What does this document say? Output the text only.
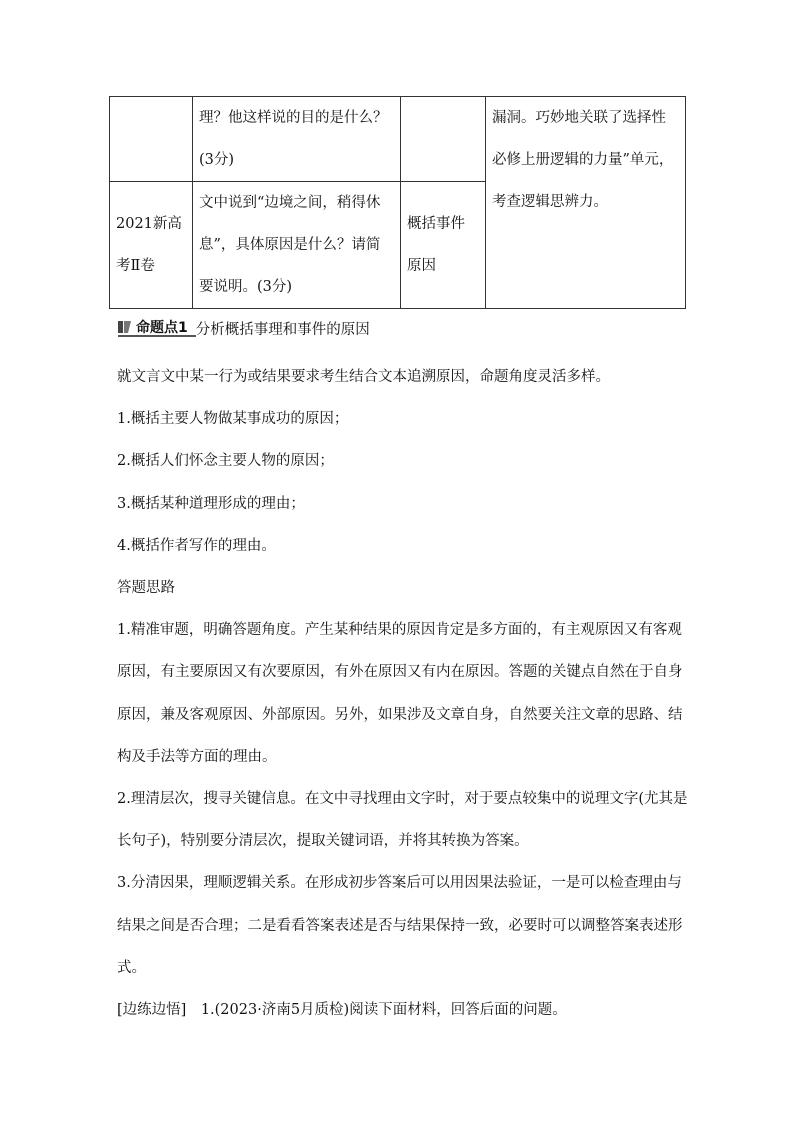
	理？他这样说的目的是什么？(3分)		漏洞。巧妙地关联了选择性必修上册逻辑的力量”单元，考查逻辑思辨力。
2021新高考Ⅱ卷	文中说到“边境之间，稍得休息”，具体原因是什么？请简要说明。(3分)	概括事件原因	
命题点1 分析概括事理和事件的原因

就文言文中某一行为或结果要求考生结合文本追溯原因，命题角度灵活多样。

1.概括主要人物做某事成功的原因；

2.概括人们怀念主要人物的原因；

3.概括某种道理形成的理由；

4.概括作者写作的理由。

答题思路

1.精准审题，明确答题角度。产生某种结果的原因肯定是多方面的，有主观原因又有客观原因，有主要原因又有次要原因，有外在原因又有内在原因。答题的关键点自然在于自身原因，兼及客观原因、外部原因。另外，如果涉及文章自身，自然要关注文章的思路、结构及手法等方面的理由。

2.理清层次，搜寻关键信息。在文中寻找理由文字时，对于要点较集中的说理文字(尤其是长句子)，特别要分清层次，提取关键词语，并将其转换为答案。

3.分清因果，理顺逻辑关系。在形成初步答案后可以用因果法验证，一是可以检查理由与结果之间是否合理；二是看看答案表述是否与结果保持一致，必要时可以调整答案表述形式。

[边练边悟]　1.(2023·济南5月质检)阅读下面材料，回答后面的问题。
